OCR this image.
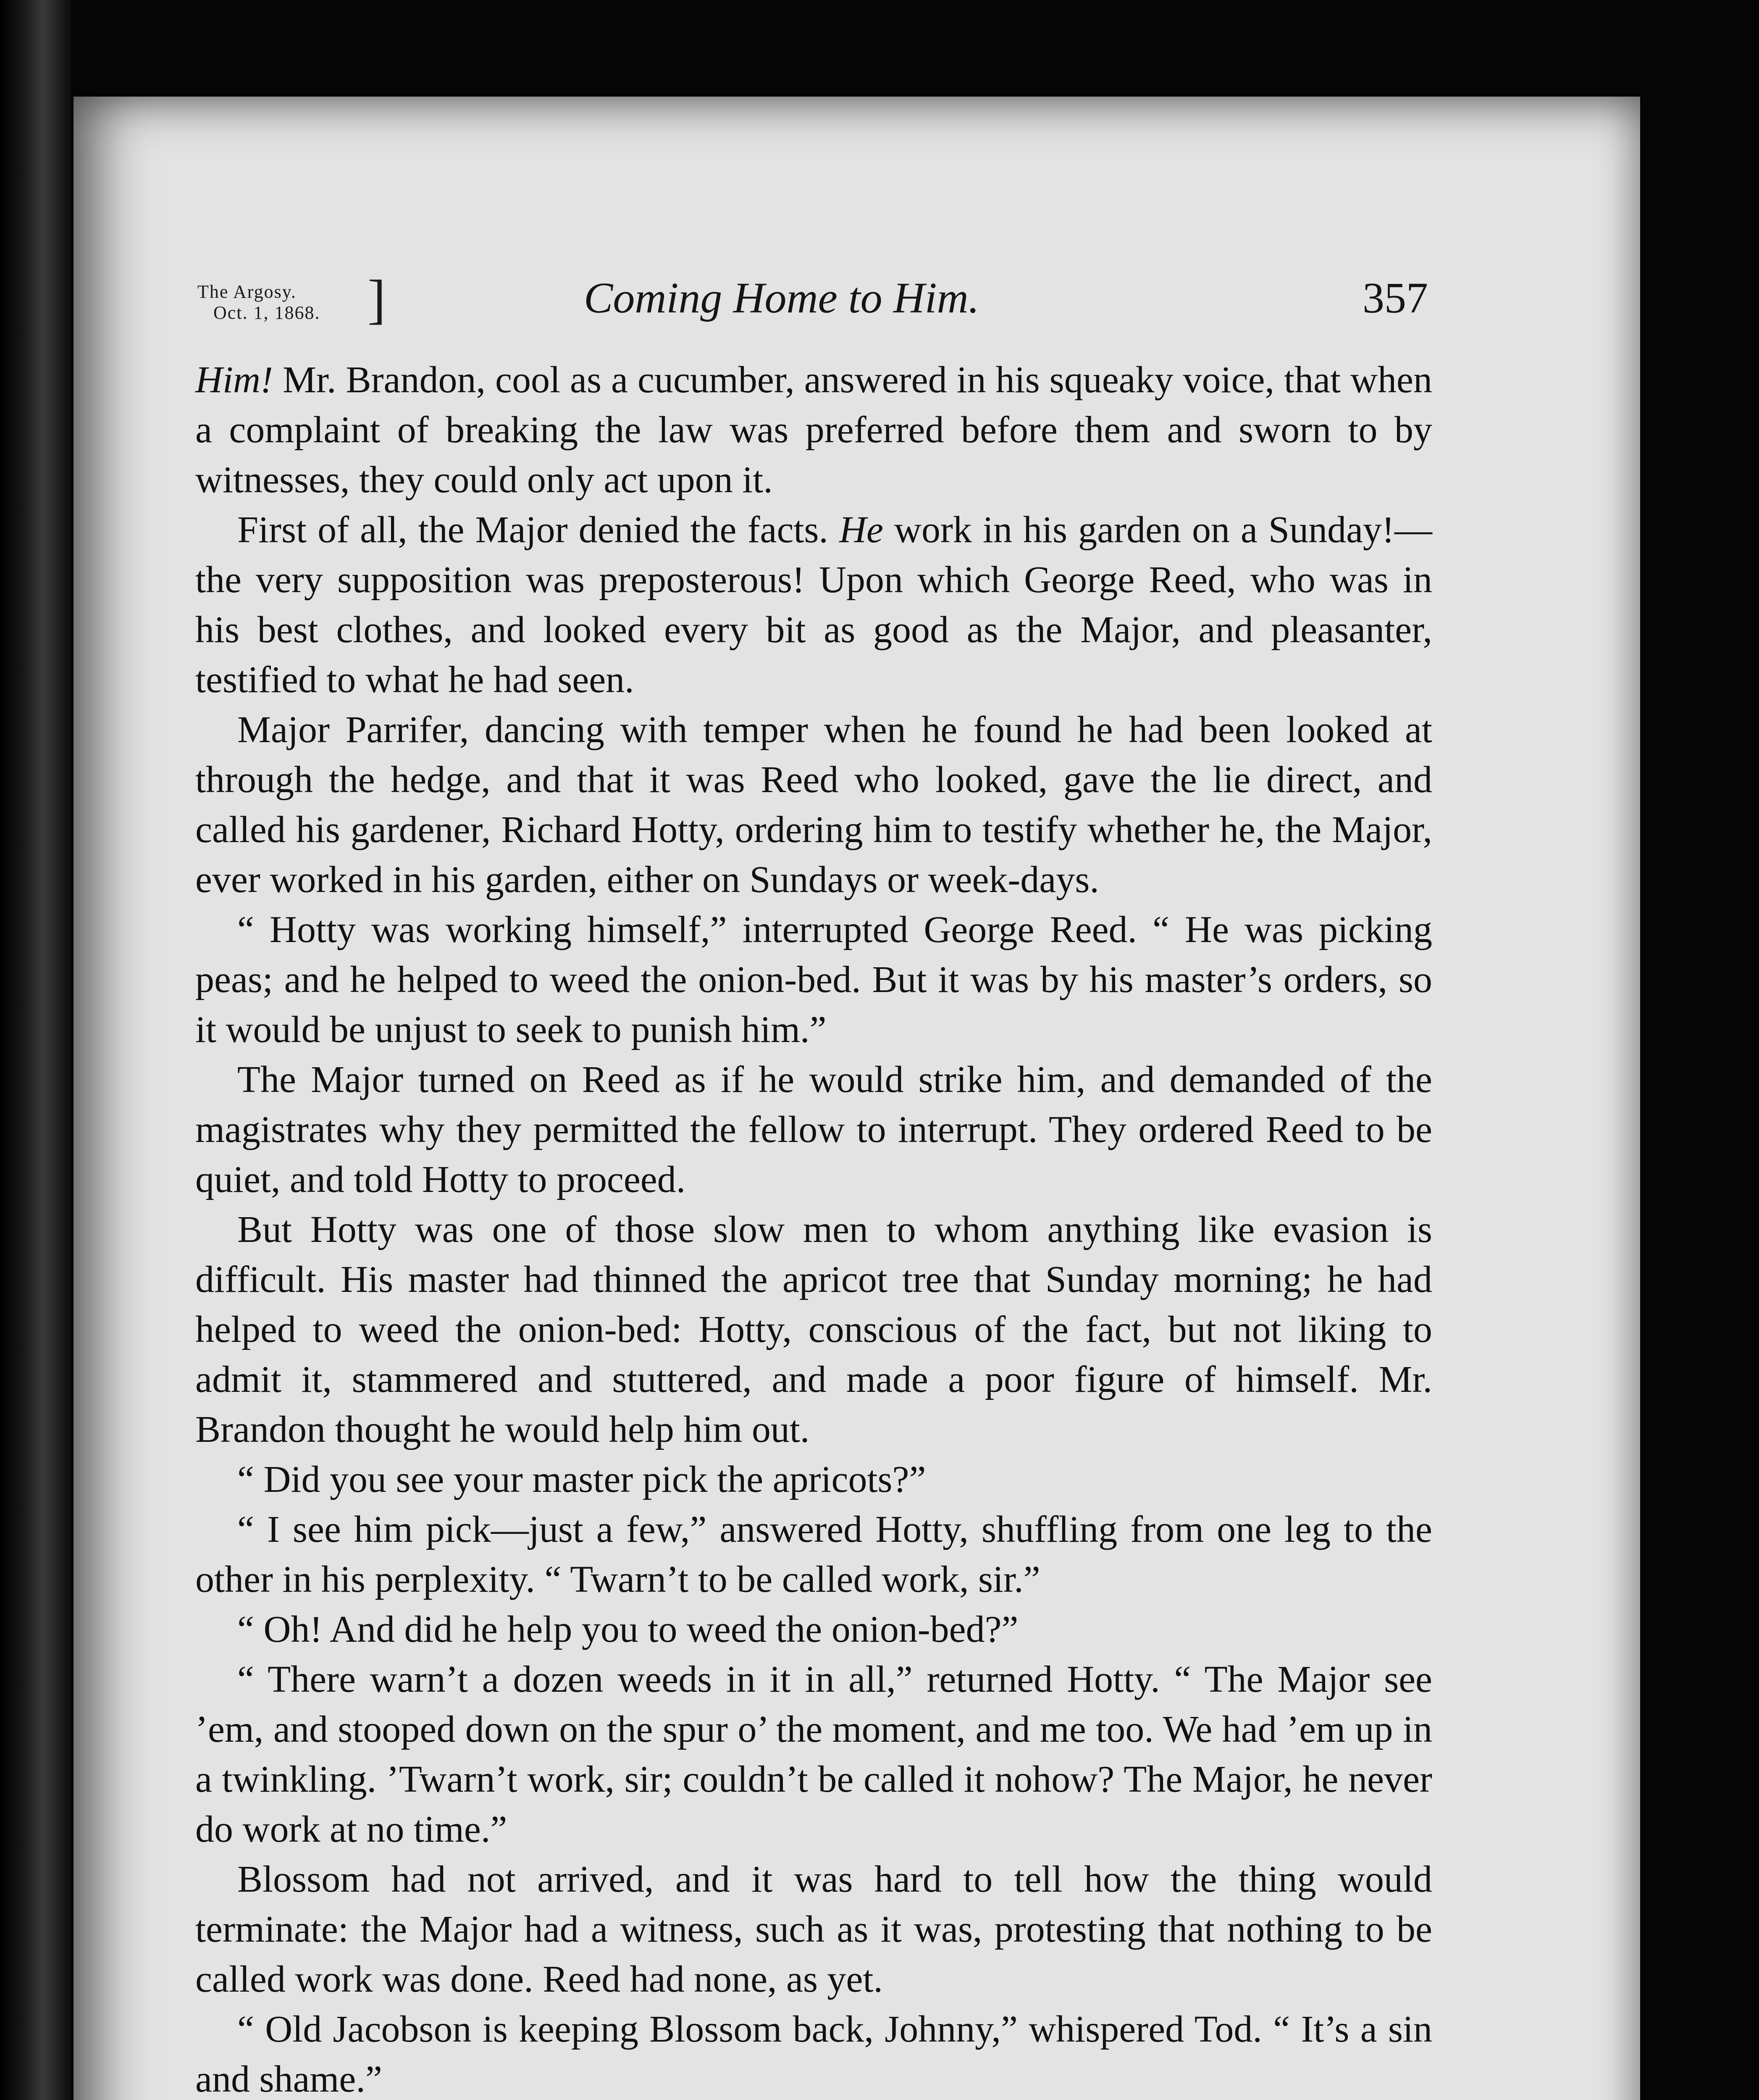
The Argosy.
Oct. 1, 1868. ]	Coming Home to Him.	357

Him! Mr. Brandon, cool as a cucumber, answered in his squeaky voice, that when a complaint of breaking the law was preferred before them and sworn to by witnesses, they could only act upon it.

First of all, the Major denied the facts. He work in his garden on a Sunday!—the very supposition was preposterous! Upon which George Reed, who was in his best clothes, and looked every bit as good as the Major, and pleasanter, testified to what he had seen.

Major Parrifer, dancing with temper when he found he had been looked at through the hedge, and that it was Reed who looked, gave the lie direct, and called his gardener, Richard Hotty, ordering him to testify whether he, the Major, ever worked in his garden, either on Sundays or week-days.

“ Hotty was working himself,” interrupted George Reed. “ He was picking peas; and he helped to weed the onion-bed. But it was by his master’s orders, so it would be unjust to seek to punish him.”

The Major turned on Reed as if he would strike him, and demanded of the magistrates why they permitted the fellow to interrupt. They ordered Reed to be quiet, and told Hotty to proceed.

But Hotty was one of those slow men to whom anything like evasion is difficult. His master had thinned the apricot tree that Sunday morning; he had helped to weed the onion-bed: Hotty, conscious of the fact, but not liking to admit it, stammered and stuttered, and made a poor figure of himself. Mr. Brandon thought he would help him out.

“ Did you see your master pick the apricots?”

“ I see him pick—just a few,” answered Hotty, shuffling from one leg to the other in his perplexity. “ Twarn’t to be called work, sir.”

“ Oh! And did he help you to weed the onion-bed?”

“ There warn’t a dozen weeds in it in all,” returned Hotty. “ The Major see ’em, and stooped down on the spur o’ the moment, and me too. We had ’em up in a twinkling. ’Twarn’t work, sir; couldn’t be called it nohow? The Major, he never do work at no time.”

Blossom had not arrived, and it was hard to tell how the thing would terminate: the Major had a witness, such as it was, protesting that nothing to be called work was done. Reed had none, as yet.

“ Old Jacobson is keeping Blossom back, Johnny,” whispered Tod. “ It’s a sin and shame.”
